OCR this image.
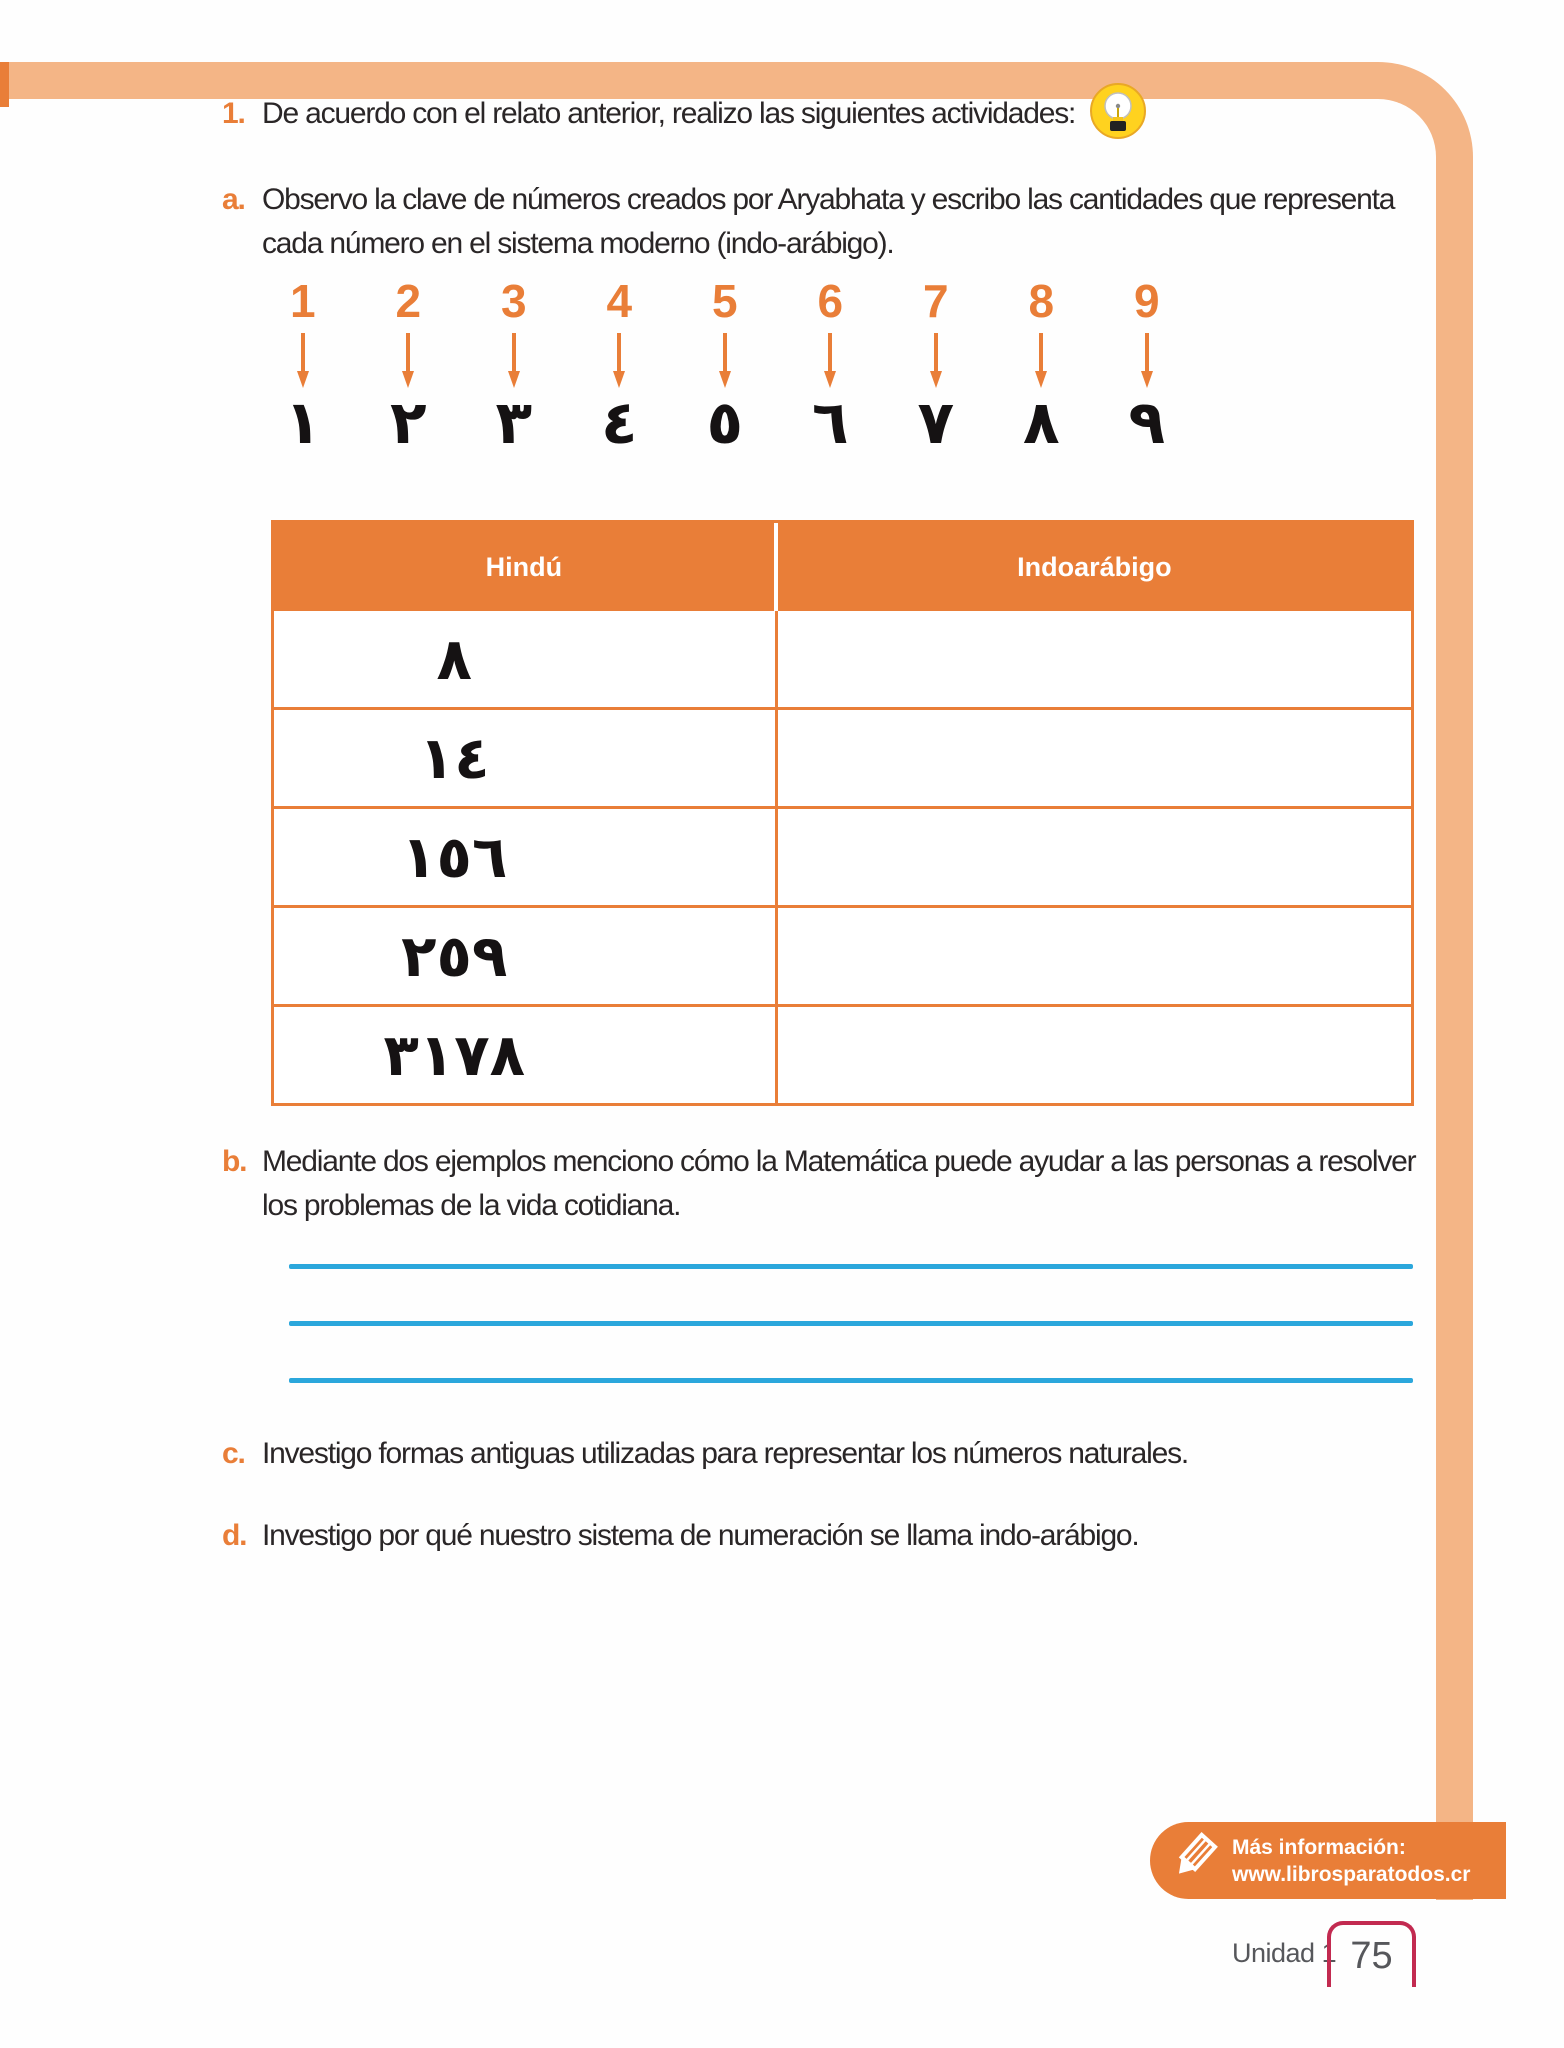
1. De acuerdo con el relato anterior, realizo las siguientes actividades:
a. Observo la clave de números creados por Aryabhata y escribo las cantidades que representa
cada número en el sistema moderno (indo-arábigo).
1
١
2
٢
3
٣
4
٤
5
٥
6
٦
7
٧
8
٨
9
٩
Hindú	Indoarábigo
٨
١٤
١٥٦
٢٥٩
٣١٧٨
b. Mediante dos ejemplos menciono cómo la Matemática puede ayudar a las personas a resolver
los problemas de la vida cotidiana.
c. Investigo formas antiguas utilizadas para representar los números naturales.
d. Investigo por qué nuestro sistema de numeración se llama indo-arábigo.
Más información:
www.librosparatodos.cr
Unidad 1 75
